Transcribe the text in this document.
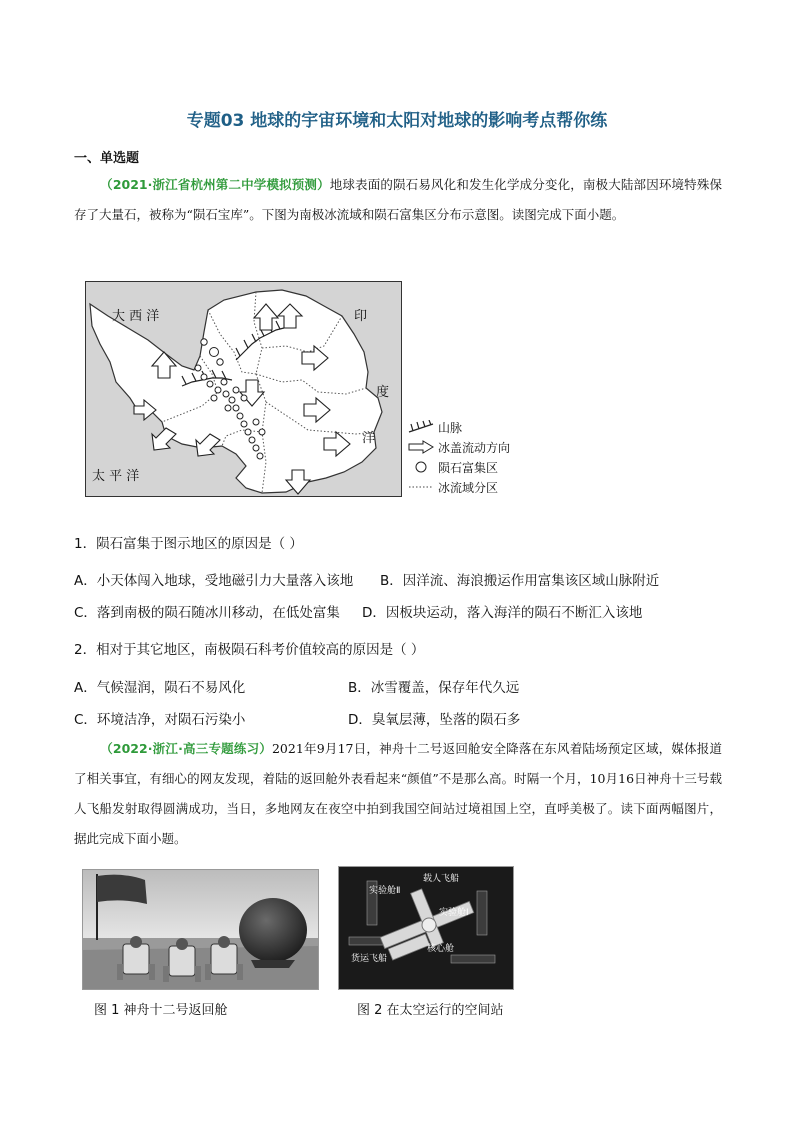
专题03 地球的宇宙环境和太阳对地球的影响考点帮你练
一、单选题
（2021·浙江省杭州第二中学模拟预测）地球表面的陨石易风化和发生化学成分变化，南极大陆部因环境特殊保存了大量石，被称为“陨石宝库”。下图为南极冰流域和陨石富集区分布示意图。读图完成下面小题。
大 西 洋
太 平 洋
印
度
洋
山脉
冰盖流动方向
陨石富集区
冰流域分区
1．陨石富集于图示地区的原因是（ ）
A．小天体闯入地球，受地磁引力大量落入该地 B．因洋流、海浪搬运作用富集该区域山脉附近
C．落到南极的陨石随冰川移动，在低处富集 D．因板块运动，落入海洋的陨石不断汇入该地
2．相对于其它地区，南极陨石科考价值较高的原因是（ ）
A．气候湿润，陨石不易风化	B．冰雪覆盖，保存年代久远
C．环境洁净，对陨石污染小	D．臭氧层薄，坠落的陨石多
（2022·浙江·高三专题练习）2021年9月17日，神舟十二号返回舱安全降落在东风着陆场预定区域，媒体报道了相关事宜，有细心的网友发现，着陆的返回舱外表看起来“颜值”不是那么高。时隔一个月，10月16日神舟十三号载人飞船发射取得圆满成功，当日，多地网友在夜空中拍到我国空间站过境祖国上空，直呼美极了。读下面两幅图片，据此完成下面小题。
载人飞船
实验舱Ⅱ
实验舱Ⅰ
核心舱
货运飞船
图 1 神舟十二号返回舱	图 2 在太空运行的空间站
